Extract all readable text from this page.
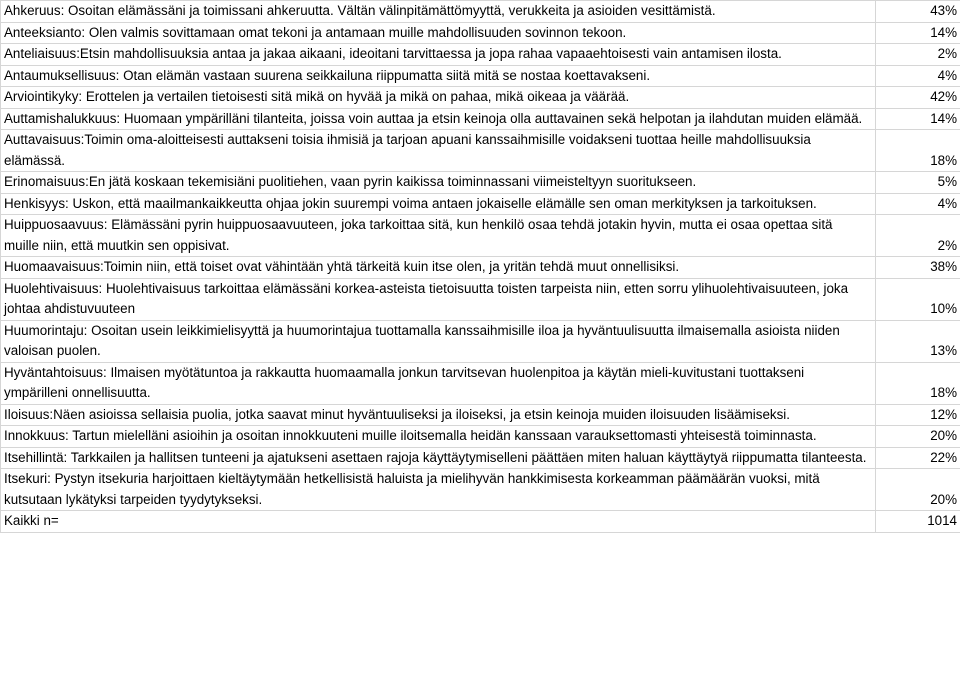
Ahkeruus: Osoitan elämässäni ja toimissani ahkeruutta. Vältän välinpitämättömyyttä, verukkeita ja asioiden vesittämistä.	43%
Anteeksianto: Olen valmis sovittamaan omat tekoni ja antamaan muille mahdollisuuden sovinnon tekoon.	14%
Anteliaisuus:Etsin mahdollisuuksia antaa ja jakaa aikaani, ideoitani tarvittaessa ja jopa rahaa vapaaehtoisesti vain antamisen ilosta.	2%
Antaumuksellisuus: Otan elämän vastaan suurena seikkailuna riippumatta siitä mitä se nostaa koettavakseni.	4%
Arviointikyky: Erottelen ja vertailen tietoisesti sitä mikä on hyvää ja mikä on pahaa, mikä oikeaa ja väärää.	42%
Auttamishalukkuus: Huomaan ympärilläni tilanteita, joissa voin auttaa ja etsin keinoja olla auttavainen sekä helpotan ja ilahdutan muiden elämää.	14%
Auttavaisuus:Toimin oma-aloitteisesti auttakseni toisia ihmisiä ja tarjoan apuani kanssaihmisille voidakseni tuottaa heille mahdollisuuksia elämässä.	18%
Erinomaisuus:En jätä koskaan tekemisiäni puolitiehen, vaan pyrin kaikissa toiminnassani viimeisteltyyn suoritukseen.	5%
Henkisyys: Uskon, että maailmankaikkeutta ohjaa jokin suurempi voima antaen jokaiselle elämälle sen oman merkityksen ja tarkoituksen.	4%
Huippuosaavuus: Elämässäni pyrin huippuosaavuuteen, joka tarkoittaa sitä, kun henkilö osaa tehdä jotakin hyvin, mutta ei osaa opettaa sitä muille niin, että muutkin sen oppisivat.	2%
Huomaavaisuus:Toimin niin, että toiset ovat vähintään yhtä tärkeitä kuin itse olen, ja yritän tehdä muut onnellisiksi.	38%
Huolehtivaisuus: Huolehtivaisuus tarkoittaa elämässäni korkea-asteista tietoisuutta toisten tarpeista niin, etten sorru ylihuolehtivaisuuteen, joka johtaa ahdistuvuuteen	10%
Huumorintaju: Osoitan usein leikkimielisyyttä ja huumorintajua tuottamalla kanssaihmisille iloa ja hyväntuulisuutta ilmaisemalla asioista niiden valoisan puolen.	13%
Hyväntahtoisuus: Ilmaisen myötätuntoa ja rakkautta huomaamalla jonkun tarvitsevan huolenpitoa ja käytän mieli-kuvitustani tuottakseni ympärilleni onnellisuutta.	18%
Iloisuus:Näen asioissa sellaisia puolia, jotka saavat minut hyväntuuliseksi ja iloiseksi, ja etsin keinoja muiden iloisuuden lisäämiseksi.	12%
Innokkuus: Tartun mielelläni asioihin ja osoitan innokkuuteni muille iloitsemalla heidän kanssaan varauksettomasti yhteisestä toiminnasta.	20%
Itsehillintä: Tarkkailen ja hallitsen tunteeni ja ajatukseni asettaen rajoja käyttäytymiselleni päättäen miten haluan käyttäytyä riippumatta tilanteesta.	22%
Itsekuri: Pystyn itsekuria harjoittaen kieltäytymään hetkellisistä haluista ja mielihyvän hankkimisesta korkeamman päämäärän vuoksi, mitä kutsutaan lykätyksi tarpeiden tyydytykseksi.	20%
Kaikki n=	1014
